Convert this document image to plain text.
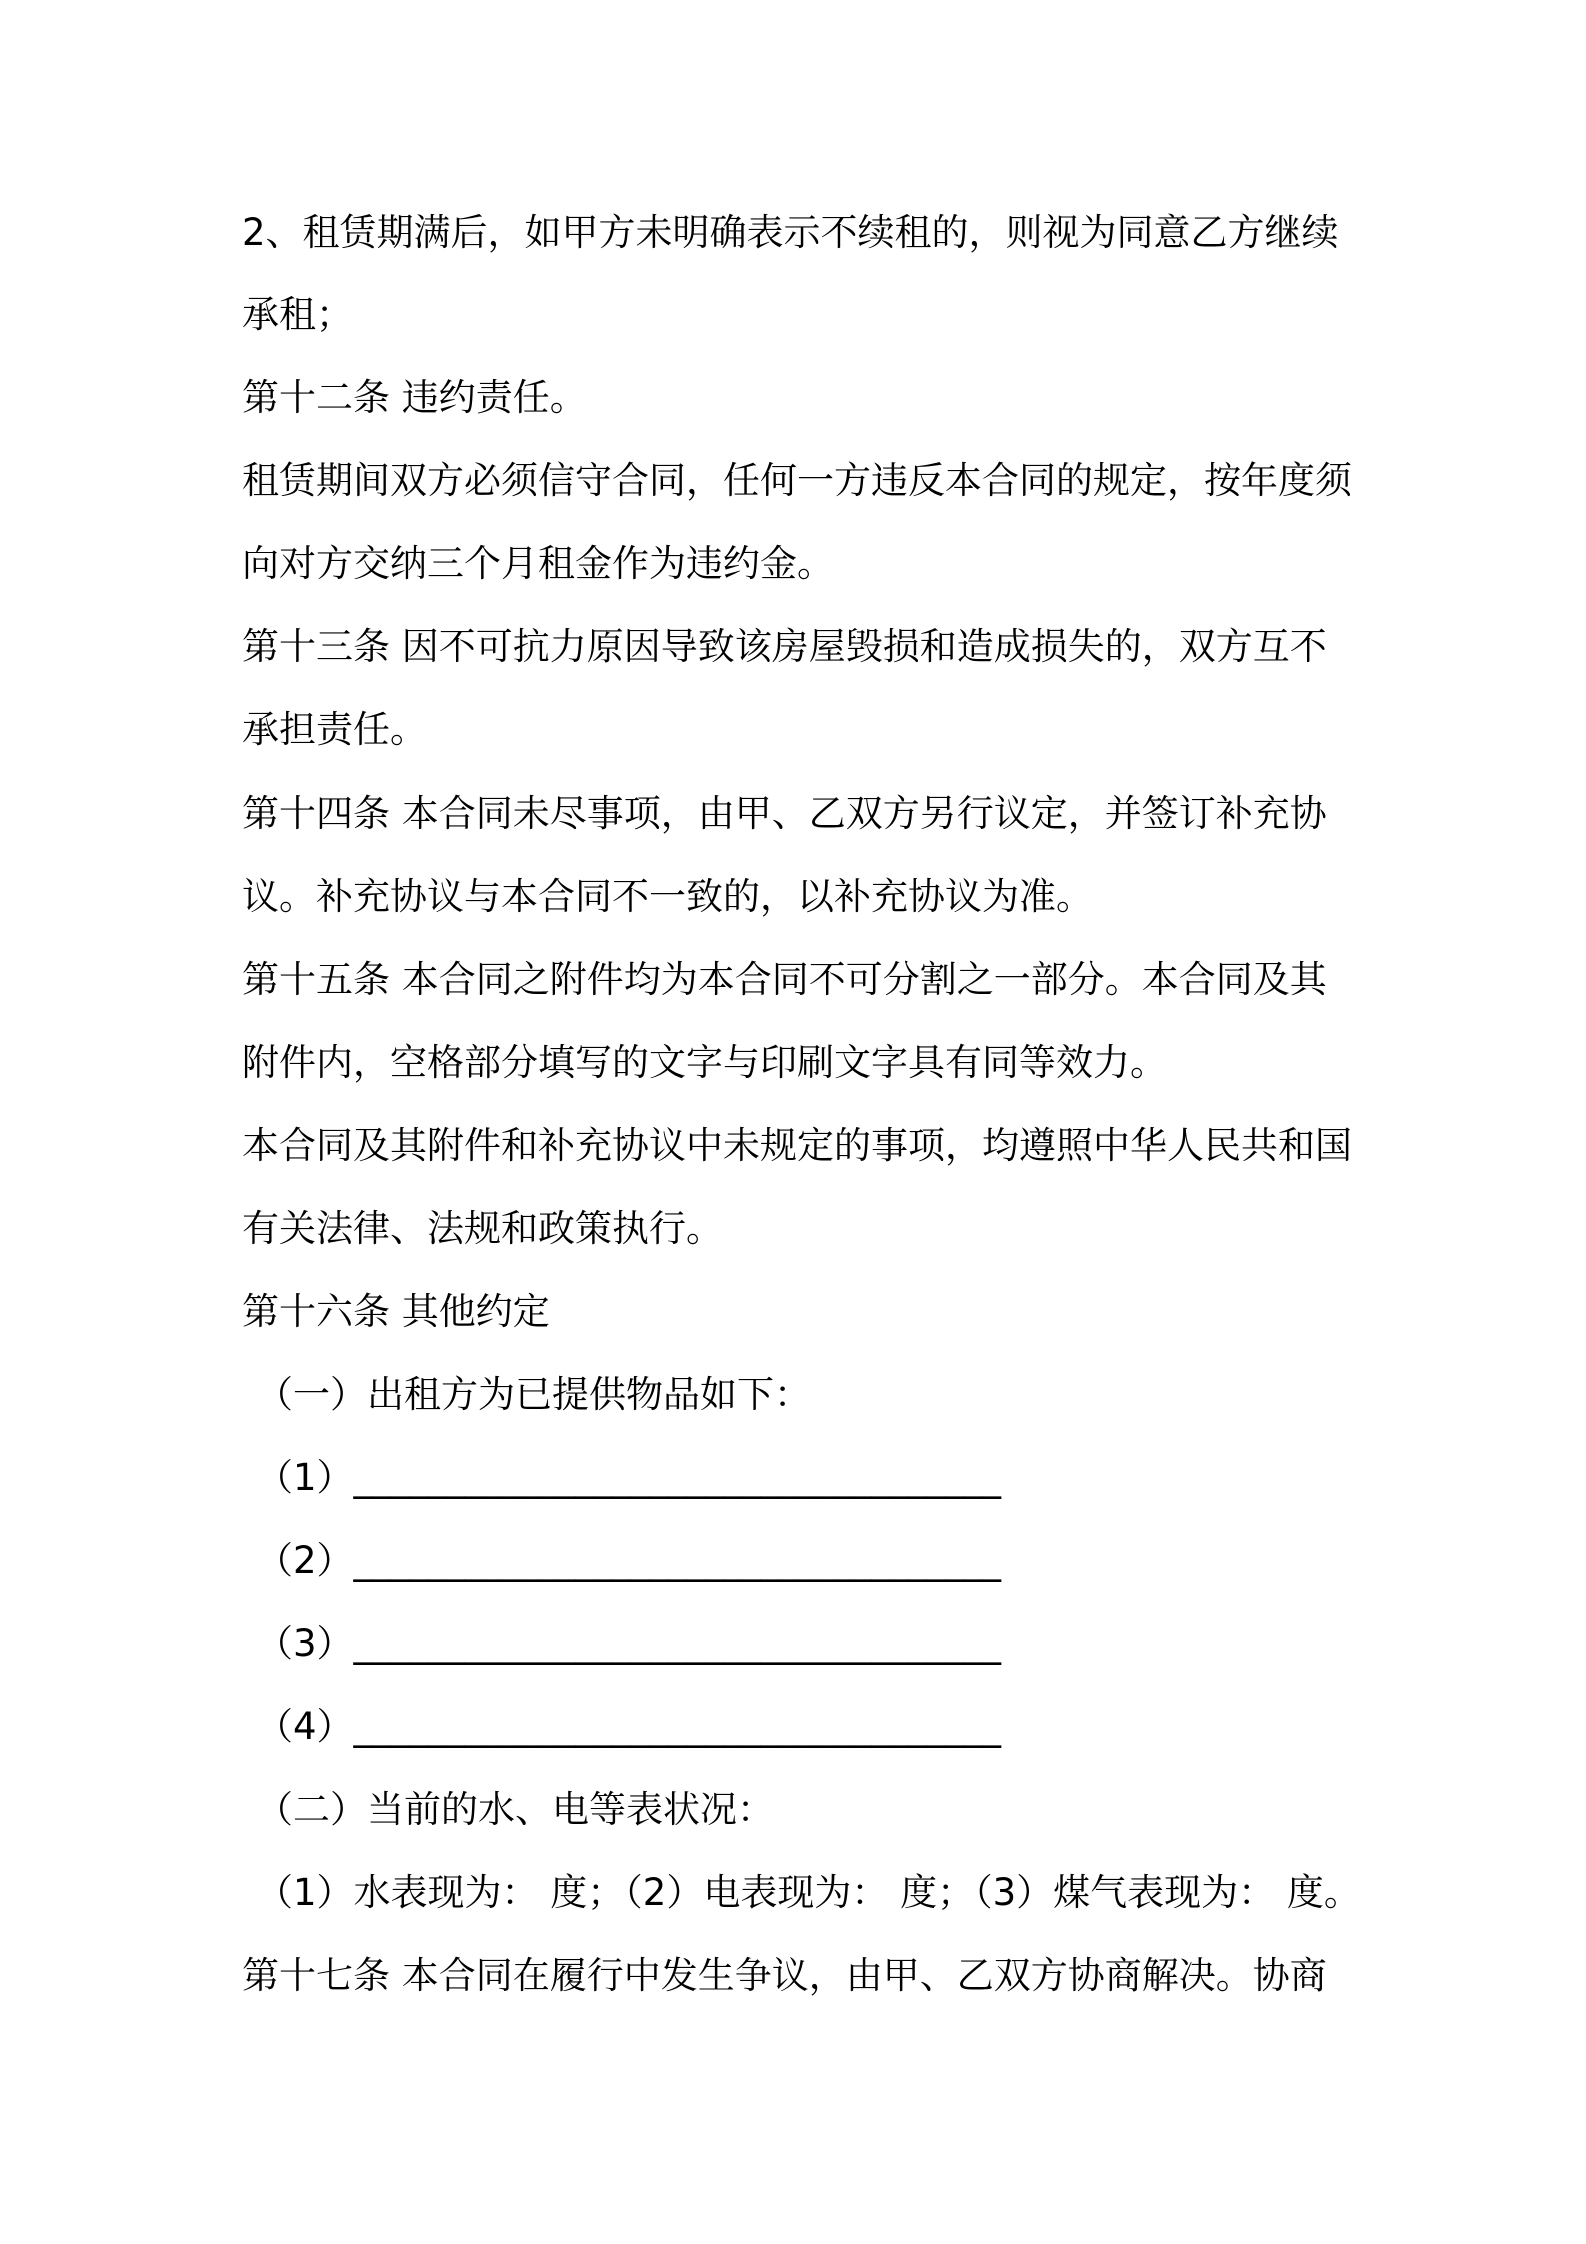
2、租赁期满后，如甲方未明确表示不续租的，则视为同意乙方继续
承租；
第十二条 违约责任。
租赁期间双方必须信守合同，任何一方违反本合同的规定，按年度须
向对方交纳三个月租金作为违约金。
第十三条 因不可抗力原因导致该房屋毁损和造成损失的，双方互不
承担责任。
第十四条 本合同未尽事项，由甲、乙双方另行议定，并签订补充协
议。补充协议与本合同不一致的，以补充协议为准。
第十五条 本合同之附件均为本合同不可分割之一部分。本合同及其
附件内，空格部分填写的文字与印刷文字具有同等效力。
本合同及其附件和补充协议中未规定的事项，均遵照中华人民共和国
有关法律、法规和政策执行。
第十六条 其他约定
（一）出租方为已提供物品如下：
（1）___________________________________
（2）___________________________________
（3）___________________________________
（4）___________________________________
（二）当前的水、电等表状况：
（1）水表现为： 度；（2）电表现为： 度；（3）煤气表现为： 度。
第十七条 本合同在履行中发生争议，由甲、乙双方协商解决。协商
